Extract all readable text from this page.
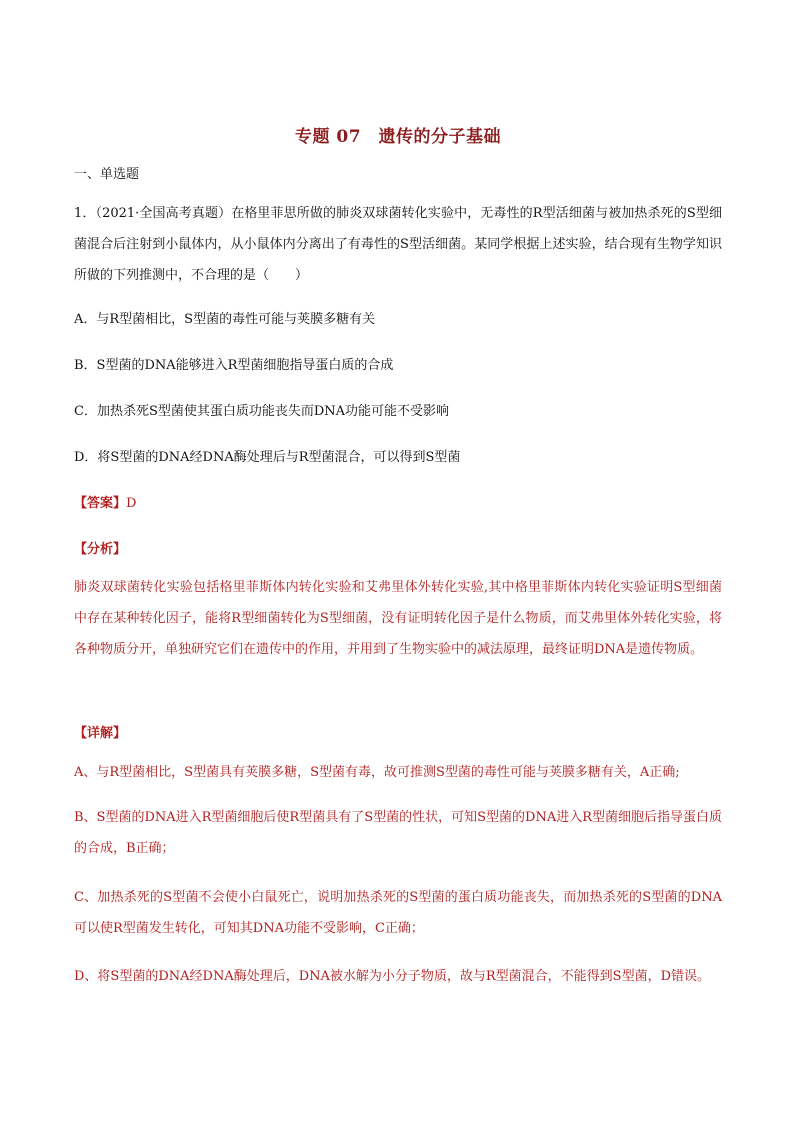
专题 07　遗传的分子基础
一、单选题
1．（2021·全国高考真题）在格里菲思所做的肺炎双球菌转化实验中，无毒性的R型活细菌与被加热杀死的S型细菌混合后注射到小鼠体内，从小鼠体内分离出了有毒性的S型活细菌。某同学根据上述实验，结合现有生物学知识所做的下列推测中，不合理的是（　　）
A．与R型菌相比，S型菌的毒性可能与荚膜多糖有关
B．S型菌的DNA能够进入R型菌细胞指导蛋白质的合成
C．加热杀死S型菌使其蛋白质功能丧失而DNA功能可能不受影响
D．将S型菌的DNA经DNA酶处理后与R型菌混合，可以得到S型菌
【答案】D
【分析】
肺炎双球菌转化实验包括格里菲斯体内转化实验和艾弗里体外转化实验,其中格里菲斯体内转化实验证明S型细菌中存在某种转化因子，能将R型细菌转化为S型细菌，没有证明转化因子是什么物质，而艾弗里体外转化实验，将各种物质分开，单独研究它们在遗传中的作用，并用到了生物实验中的减法原理，最终证明DNA是遗传物质。
【详解】
A、与R型菌相比，S型菌具有荚膜多糖，S型菌有毒，故可推测S型菌的毒性可能与荚膜多糖有关，A正确;
B、S型菌的DNA进入R型菌细胞后使R型菌具有了S型菌的性状，可知S型菌的DNA进入R型菌细胞后指导蛋白质的合成，B正确；
C、加热杀死的S型菌不会使小白鼠死亡，说明加热杀死的S型菌的蛋白质功能丧失，而加热杀死的S型菌的DNA可以使R型菌发生转化，可知其DNA功能不受影响，C正确；
D、将S型菌的DNA经DNA酶处理后，DNA被水解为小分子物质，故与R型菌混合，不能得到S型菌，D错误。
